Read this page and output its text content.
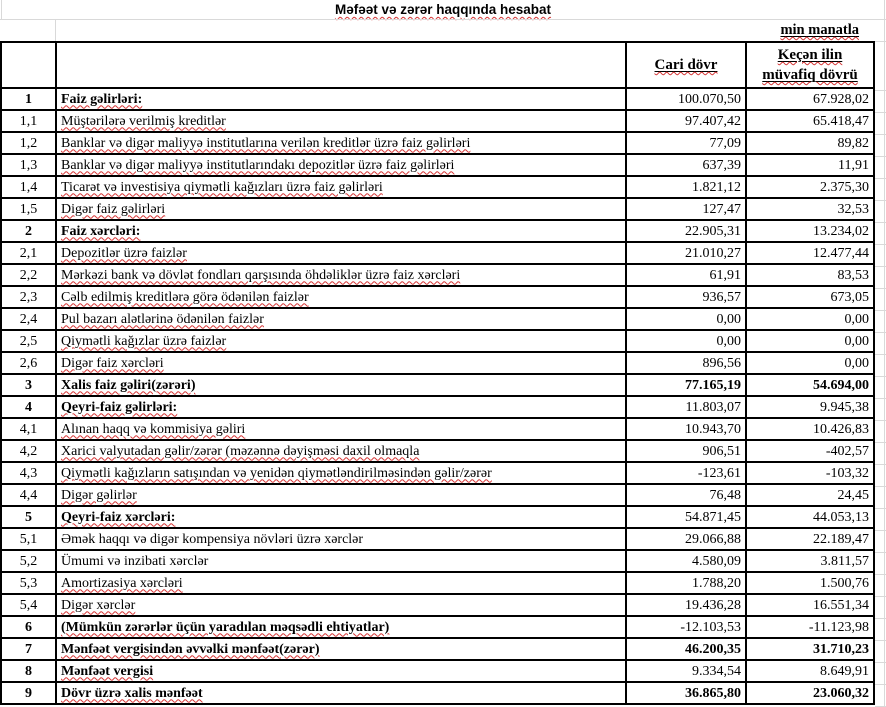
Məfəət və zərər haqqında hesabat
min manatla
		Cari dövr	Keçən ilin
müvafiq dövrü
1	Faiz gəlirləri:	100.070,50	67.928,02
1,1	Müştərilərə verilmiş kreditlər	97.407,42	65.418,47
1,2	Banklar və digər maliyyə institutlarına verilən kreditlər üzrə faiz gəlirləri	77,09	89,82
1,3	Banklar və digər maliyyə institutlarındakı depozitlər üzrə faiz gəlirləri	637,39	11,91
1,4	Ticarət və investisiya qiymətli kağızları üzrə faiz gəlirləri	1.821,12	2.375,30
1,5	Digər faiz gəlirləri	127,47	32,53
2	Faiz xərcləri:	22.905,31	13.234,02
2,1	Depozitlər üzrə faizlər	21.010,27	12.477,44
2,2	Mərkəzi bank və dövlət fondları qarşısında öhdəliklər üzrə faiz xərcləri	61,91	83,53
2,3	Cəlb edilmiş kreditlərə görə ödənilən faizlər	936,57	673,05
2,4	Pul bazarı alətlərinə ödənilən faizlər	0,00	0,00
2,5	Qiymətli kağızlar üzrə faizlər	0,00	0,00
2,6	Digər faiz xərcləri	896,56	0,00
3	Xalis faiz gəliri(zərəri)	77.165,19	54.694,00
4	Qeyri-faiz gəlirləri:	11.803,07	9.945,38
4,1	Alınan haqq və kommisiya gəliri	10.943,70	10.426,83
4,2	Xarici valyutadan gəlir/zərər (məzənnə dəyişməsi daxil olmaqla	906,51	-402,57
4,3	Qiymətli kağızların satışından və yenidən qiymətləndirilməsindən gəlir/zərər	-123,61	-103,32
4,4	Digər gəlirlər	76,48	24,45
5	Qeyri-faiz xərcləri:	54.871,45	44.053,13
5,1	Əmək haqqı və digər kompensiya növləri üzrə xərclər	29.066,88	22.189,47
5,2	Ümumi və inzibati xərclər	4.580,09	3.811,57
5,3	Amortizasiya xərcləri	1.788,20	1.500,76
5,4	Digər xərclər	19.436,28	16.551,34
6	(Mümkün zərərlər üçün yaradılan məqsədli ehtiyatlar)	-12.103,53	-11.123,98
7	Mənfəət vergisindən əvvəlki mənfəət(zərər)	46.200,35	31.710,23
8	Mənfəət vergisi	9.334,54	8.649,91
9	Dövr üzrə xalis mənfəət	36.865,80	23.060,32
